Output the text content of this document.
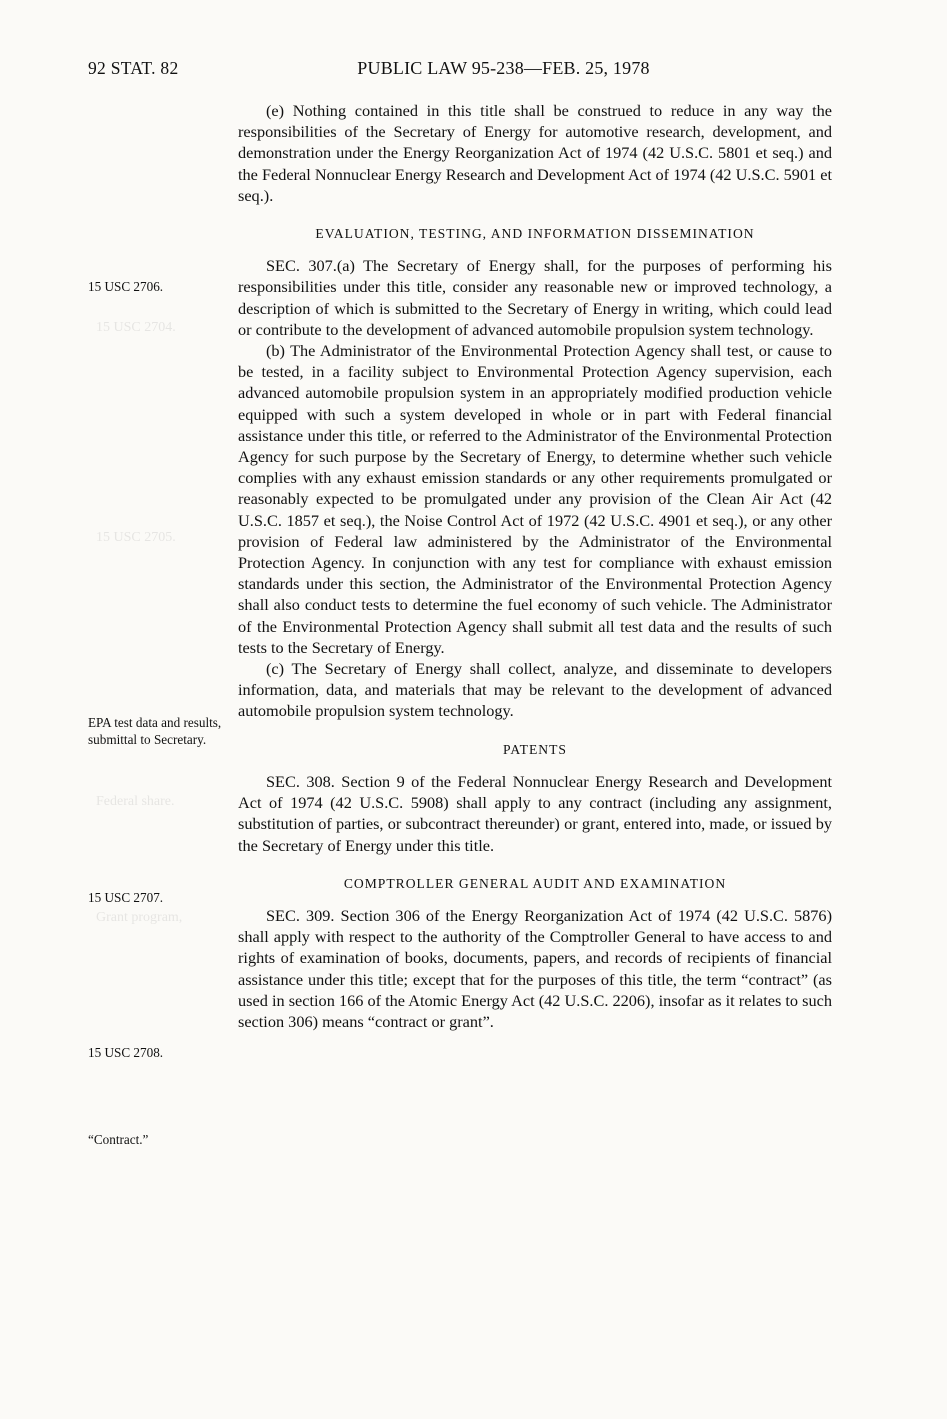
92 STAT. 82	PUBLIC LAW 95-238—FEB. 25, 1978
15 USC 2706.
EPA test data and results, submittal to Secretary.
15 USC 2707.
15 USC 2708.
“Contract.”
15 USC 2704.
15 USC 2705.
Federal share.
Grant program,

(e) Nothing contained in this title shall be construed to reduce in any way the responsibilities of the Secretary of Energy for automotive research, development, and demonstration under the Energy Reorganization Act of 1974 (42 U.S.C. 5801 et seq.) and the Federal Nonnuclear Energy Research and Development Act of 1974 (42 U.S.C. 5901 et seq.).

EVALUATION, TESTING, AND INFORMATION DISSEMINATION

SEC. 307.(a) The Secretary of Energy shall, for the purposes of performing his responsibilities under this title, consider any reasonable new or improved technology, a description of which is submitted to the Secretary of Energy in writing, which could lead or contribute to the development of advanced automobile propulsion system technology.

(b) The Administrator of the Environmental Protection Agency shall test, or cause to be tested, in a facility subject to Environmental Protection Agency supervision, each advanced automobile propulsion system in an appropriately modified production vehicle equipped with such a system developed in whole or in part with Federal financial assistance under this title, or referred to the Administrator of the Environmental Protection Agency for such purpose by the Secretary of Energy, to determine whether such vehicle complies with any exhaust emission standards or any other requirements promulgated or reasonably expected to be promulgated under any provision of the Clean Air Act (42 U.S.C. 1857 et seq.), the Noise Control Act of 1972 (42 U.S.C. 4901 et seq.), or any other provision of Federal law administered by the Administrator of the Environmental Protection Agency. In conjunction with any test for compliance with exhaust emission standards under this section, the Administrator of the Environmental Protection Agency shall also conduct tests to determine the fuel economy of such vehicle. The Administrator of the Environmental Protection Agency shall submit all test data and the results of such tests to the Secretary of Energy.

(c) The Secretary of Energy shall collect, analyze, and disseminate to developers information, data, and materials that may be relevant to the development of advanced automobile propulsion system technology.

PATENTS

SEC. 308. Section 9 of the Federal Nonnuclear Energy Research and Development Act of 1974 (42 U.S.C. 5908) shall apply to any contract (including any assignment, substitution of parties, or subcontract thereunder) or grant, entered into, made, or issued by the Secretary of Energy under this title.

COMPTROLLER GENERAL AUDIT AND EXAMINATION

SEC. 309. Section 306 of the Energy Reorganization Act of 1974 (42 U.S.C. 5876) shall apply with respect to the authority of the Comptroller General to have access to and rights of examination of books, documents, papers, and records of recipients of financial assistance under this title; except that for the purposes of this title, the term “contract” (as used in section 166 of the Atomic Energy Act (42 U.S.C. 2206), insofar as it relates to such section 306) means “contract or grant”.
